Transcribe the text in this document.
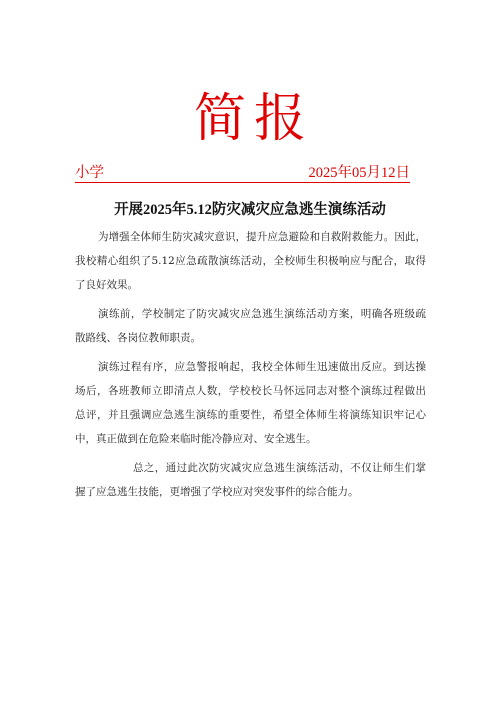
简报
小学	2025年05月12日
开展2025年5.12防灾减灾应急逃生演练活动
为增强全体师生防灾减灾意识，提升应急避险和自救附救能力。因此，
我校精心组织了5.12应急疏散演练活动，全校师生积极响应与配合，取得
了良好效果。
演练前，学校制定了防灾减灾应急逃生演练活动方案，明确各班级疏
散路线、各岗位教师职责。
演练过程有序，应急警报响起，我校全体师生迅速做出反应。到达操
场后，各班教师立即清点人数，学校校长马怀远同志对整个演练过程做出
总评，并且强调应急逃生演练的重要性，希望全体师生将演练知识牢记心
中，真正做到在危险来临时能冷静应对、安全逃生。
总之，通过此次防灾减灾应急逃生演练活动，不仅让师生们掌
握了应急逃生技能，更增强了学校应对突发事件的综合能力。
